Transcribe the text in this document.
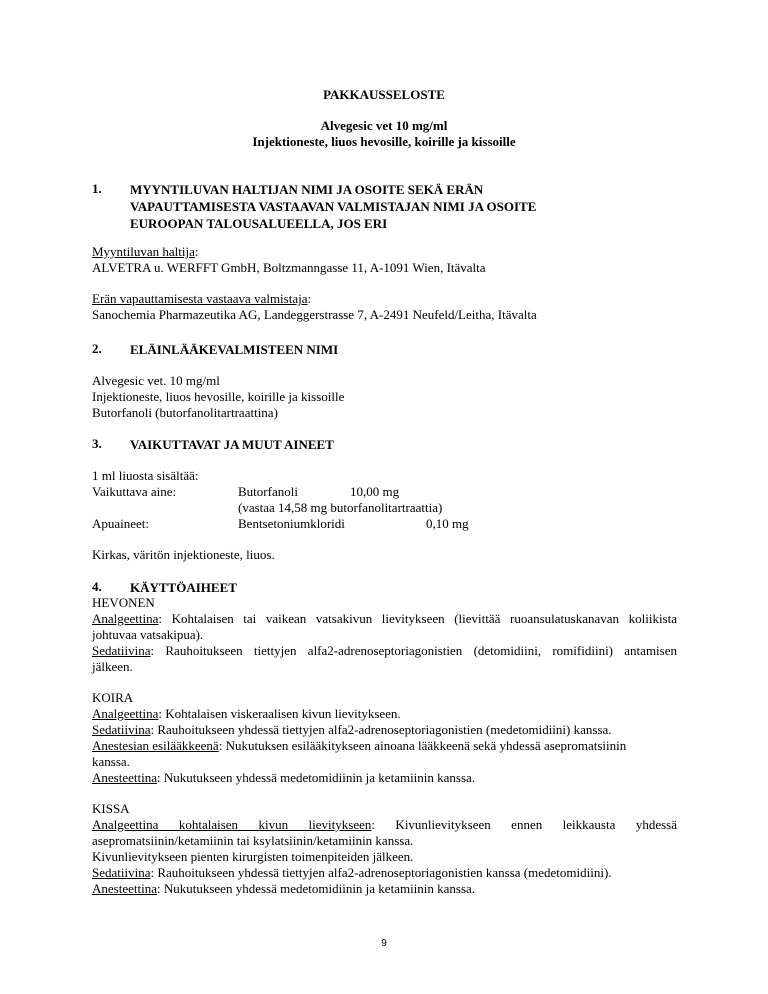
PAKKAUSSELOSTE
Alvegesic vet 10 mg/ml
Injektioneste, liuos hevosille, koirille ja kissoille
1. MYYNTILUVAN HALTIJAN NIMI JA OSOITE SEKÄ ERÄN
VAPAUTTAMISESTA VASTAAVAN VALMISTAJAN NIMI JA OSOITE
EUROOPAN TALOUSALUEELLA, JOS ERI
Myyntiluvan haltija:
ALVETRA u. WERFFT GmbH, Boltzmanngasse 11, A-1091 Wien, Itävalta
Erän vapauttamisesta vastaava valmistaja:
Sanochemia Pharmazeutika AG, Landeggerstrasse 7, A-2491 Neufeld/Leitha, Itävalta
2. ELÄINLÄÄKEVALMISTEEN NIMI
Alvegesic vet. 10 mg/ml
Injektioneste, liuos hevosille, koirille ja kissoille
Butorfanoli (butorfanolitartraattina)
3. VAIKUTTAVAT JA MUUT AINEET
1 ml liuosta sisältää:
Vaikuttava aine:	Butorfanoli	10,00 mg
(vastaa 14,58 mg butorfanolitartraattia)
Apuaineet:	Bentsetoniumkloridi	0,10 mg
Kirkas, väritön injektioneste, liuos.
4. KÄYTTÖAIHEET
HEVONEN
Analgeettina: Kohtalaisen tai vaikean vatsakivun lievitykseen (lievittää ruoansulatuskanavan koliikista
johtuvaa vatsakipua).
Sedatiivina: Rauhoitukseen tiettyjen alfa2-adrenoseptoriagonistien (detomidiini, romifidiini) antamisen
jälkeen.
KOIRA
Analgeettina: Kohtalaisen viskeraalisen kivun lievitykseen.
Sedatiivina: Rauhoitukseen yhdessä tiettyjen alfa2-adrenoseptoriagonistien (medetomidiini) kanssa.
Anestesian esilääkkeenä: Nukutuksen esilääkitykseen ainoana lääkkeenä sekä yhdessä asepromatsiinin
kanssa.
Anesteettina: Nukutukseen yhdessä medetomidiinin ja ketamiinin kanssa.
KISSA
Analgeettina kohtalaisen kivun lievitykseen: Kivunlievitykseen ennen leikkausta yhdessä
asepromatsiinin/ketamiinin tai ksylatsiinin/ketamiinin kanssa.
Kivunlievitykseen pienten kirurgisten toimenpiteiden jälkeen.
Sedatiivina: Rauhoitukseen yhdessä tiettyjen alfa2-adrenoseptoriagonistien kanssa (medetomidiini).
Anesteettina: Nukutukseen yhdessä medetomidiinin ja ketamiinin kanssa.
9
